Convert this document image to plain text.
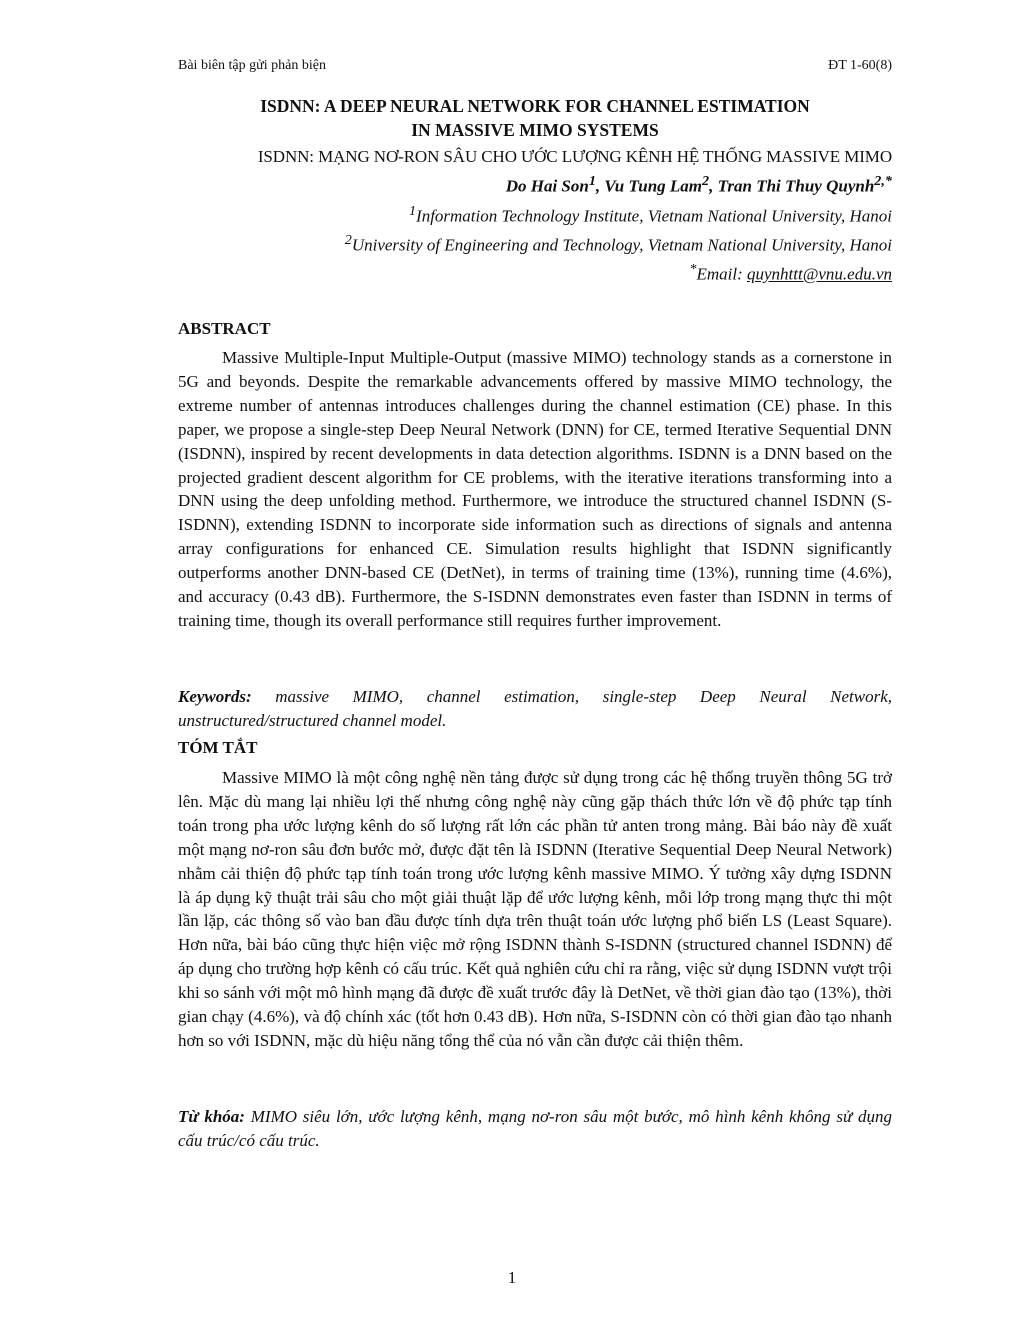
Bài biên tập gửi phản biện	ĐT 1-60(8)
ISDNN: A DEEP NEURAL NETWORK FOR CHANNEL ESTIMATION
IN MASSIVE MIMO SYSTEMS
ISDNN: MẠNG NƠ-RON SÂU CHO ƯỚC LƯỢNG KÊNH HỆ THỐNG MASSIVE MIMO
Do Hai Son$^1$, Vu Tung Lam$^2$, Tran Thi Thuy Quynh$^{2,*}$
$^1$Information Technology Institute, Vietnam National University, Hanoi
$^2$University of Engineering and Technology, Vietnam National University, Hanoi
*Email: quynhttt@vnu.edu.vn
ABSTRACT

Massive Multiple-Input Multiple-Output (massive MIMO) technology stands as a cornerstone in 5G and beyonds. Despite the remarkable advancements offered by massive MIMO technology, the extreme number of antennas introduces challenges during the channel estimation (CE) phase. In this paper, we propose a single-step Deep Neural Network (DNN) for CE, termed Iterative Sequential DNN (ISDNN), inspired by recent developments in data detection algorithms. ISDNN is a DNN based on the projected gradient descent algorithm for CE problems, with the iterative iterations transforming into a DNN using the deep unfolding method. Furthermore, we introduce the structured channel ISDNN (S-ISDNN), extending ISDNN to incorporate side information such as directions of signals and antenna array configurations for enhanced CE. Simulation results highlight that ISDNN significantly outperforms another DNN-based CE (DetNet), in terms of training time (13%), running time (4.6%), and accuracy (0.43 dB). Furthermore, the S-ISDNN demonstrates even faster than ISDNN in terms of training time, though its overall performance still requires further improvement.

Keywords: massive MIMO, channel estimation, single-step Deep Neural Network, unstructured/structured channel model.

TÓM TẮT

Massive MIMO là một công nghệ nền tảng được sử dụng trong các hệ thống truyền thông 5G trở lên. Mặc dù mang lại nhiều lợi thế nhưng công nghệ này cũng gặp thách thức lớn về độ phức tạp tính toán trong pha ước lượng kênh do số lượng rất lớn các phần tử anten trong mảng. Bài báo này đề xuất một mạng nơ-ron sâu đơn bước mở, được đặt tên là ISDNN (Iterative Sequential Deep Neural Network) nhằm cải thiện độ phức tạp tính toán trong ước lượng kênh massive MIMO. Ý tưởng xây dựng ISDNN là áp dụng kỹ thuật trải sâu cho một giải thuật lặp để ước lượng kênh, mỗi lớp trong mạng thực thi một lần lặp, các thông số vào ban đầu được tính dựa trên thuật toán ước lượng phổ biến LS (Least Square). Hơn nữa, bài báo cũng thực hiện việc mở rộng ISDNN thành S-ISDNN (structured channel ISDNN) để áp dụng cho trường hợp kênh có cấu trúc. Kết quả nghiên cứu chỉ ra rằng, việc sử dụng ISDNN vượt trội khi so sánh với một mô hình mạng đã được đề xuất trước đây là DetNet, về thời gian đào tạo (13%), thời gian chạy (4.6%), và độ chính xác (tốt hơn 0.43 dB). Hơn nữa, S-ISDNN còn có thời gian đào tạo nhanh hơn so với ISDNN, mặc dù hiệu năng tổng thể của nó vẫn cần được cải thiện thêm.

Từ khóa: MIMO siêu lớn, ước lượng kênh, mạng nơ-ron sâu một bước, mô hình kênh không sử dụng cấu trúc/có cấu trúc.

1
